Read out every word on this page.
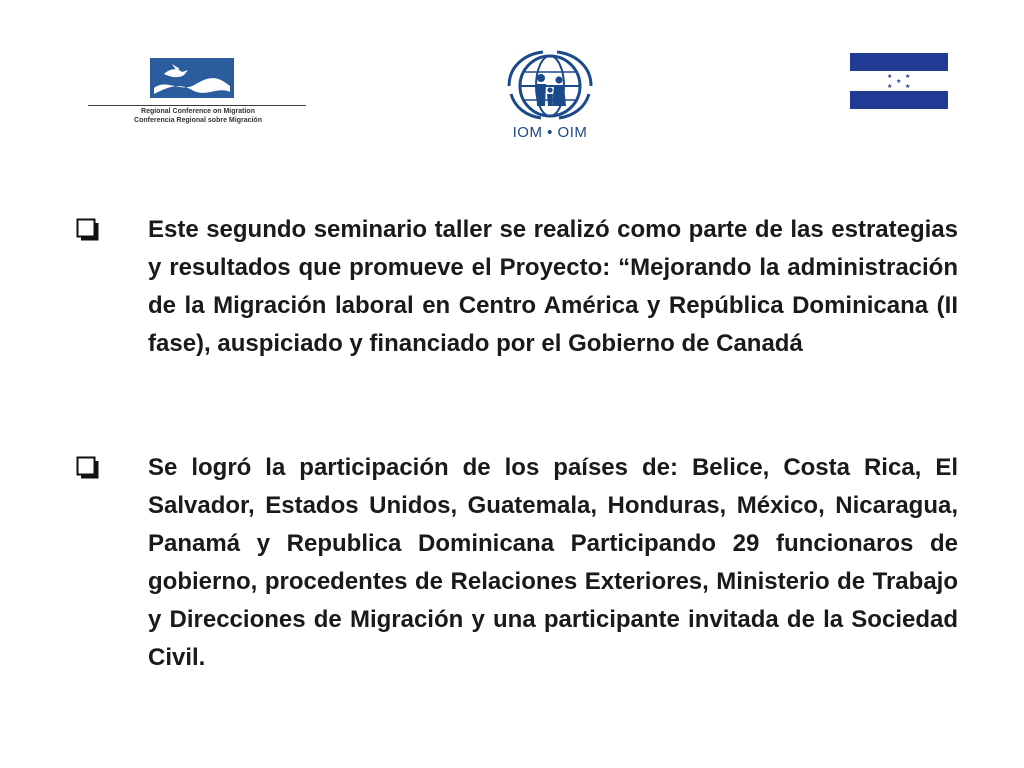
Regional Conference on Migration
Conferencia Regional sobre Migración
IOM • OIM
★ ★
★
★ ★
Este segundo seminario taller se realizó como parte de las estrategias y resultados que promueve el Proyecto: “Mejorando la administración de la Migración laboral en Centro América y República Dominicana (II fase), auspiciado y financiado por el Gobierno de Canadá
Se logró la participación de los países de: Belice, Costa Rica, El Salvador, Estados Unidos, Guatemala, Honduras, México, Nicaragua, Panamá y Republica Dominicana Participando 29 funcionaros de gobierno, procedentes de Relaciones Exteriores, Ministerio de Trabajo y Direcciones de Migración y una participante invitada de la Sociedad Civil.
